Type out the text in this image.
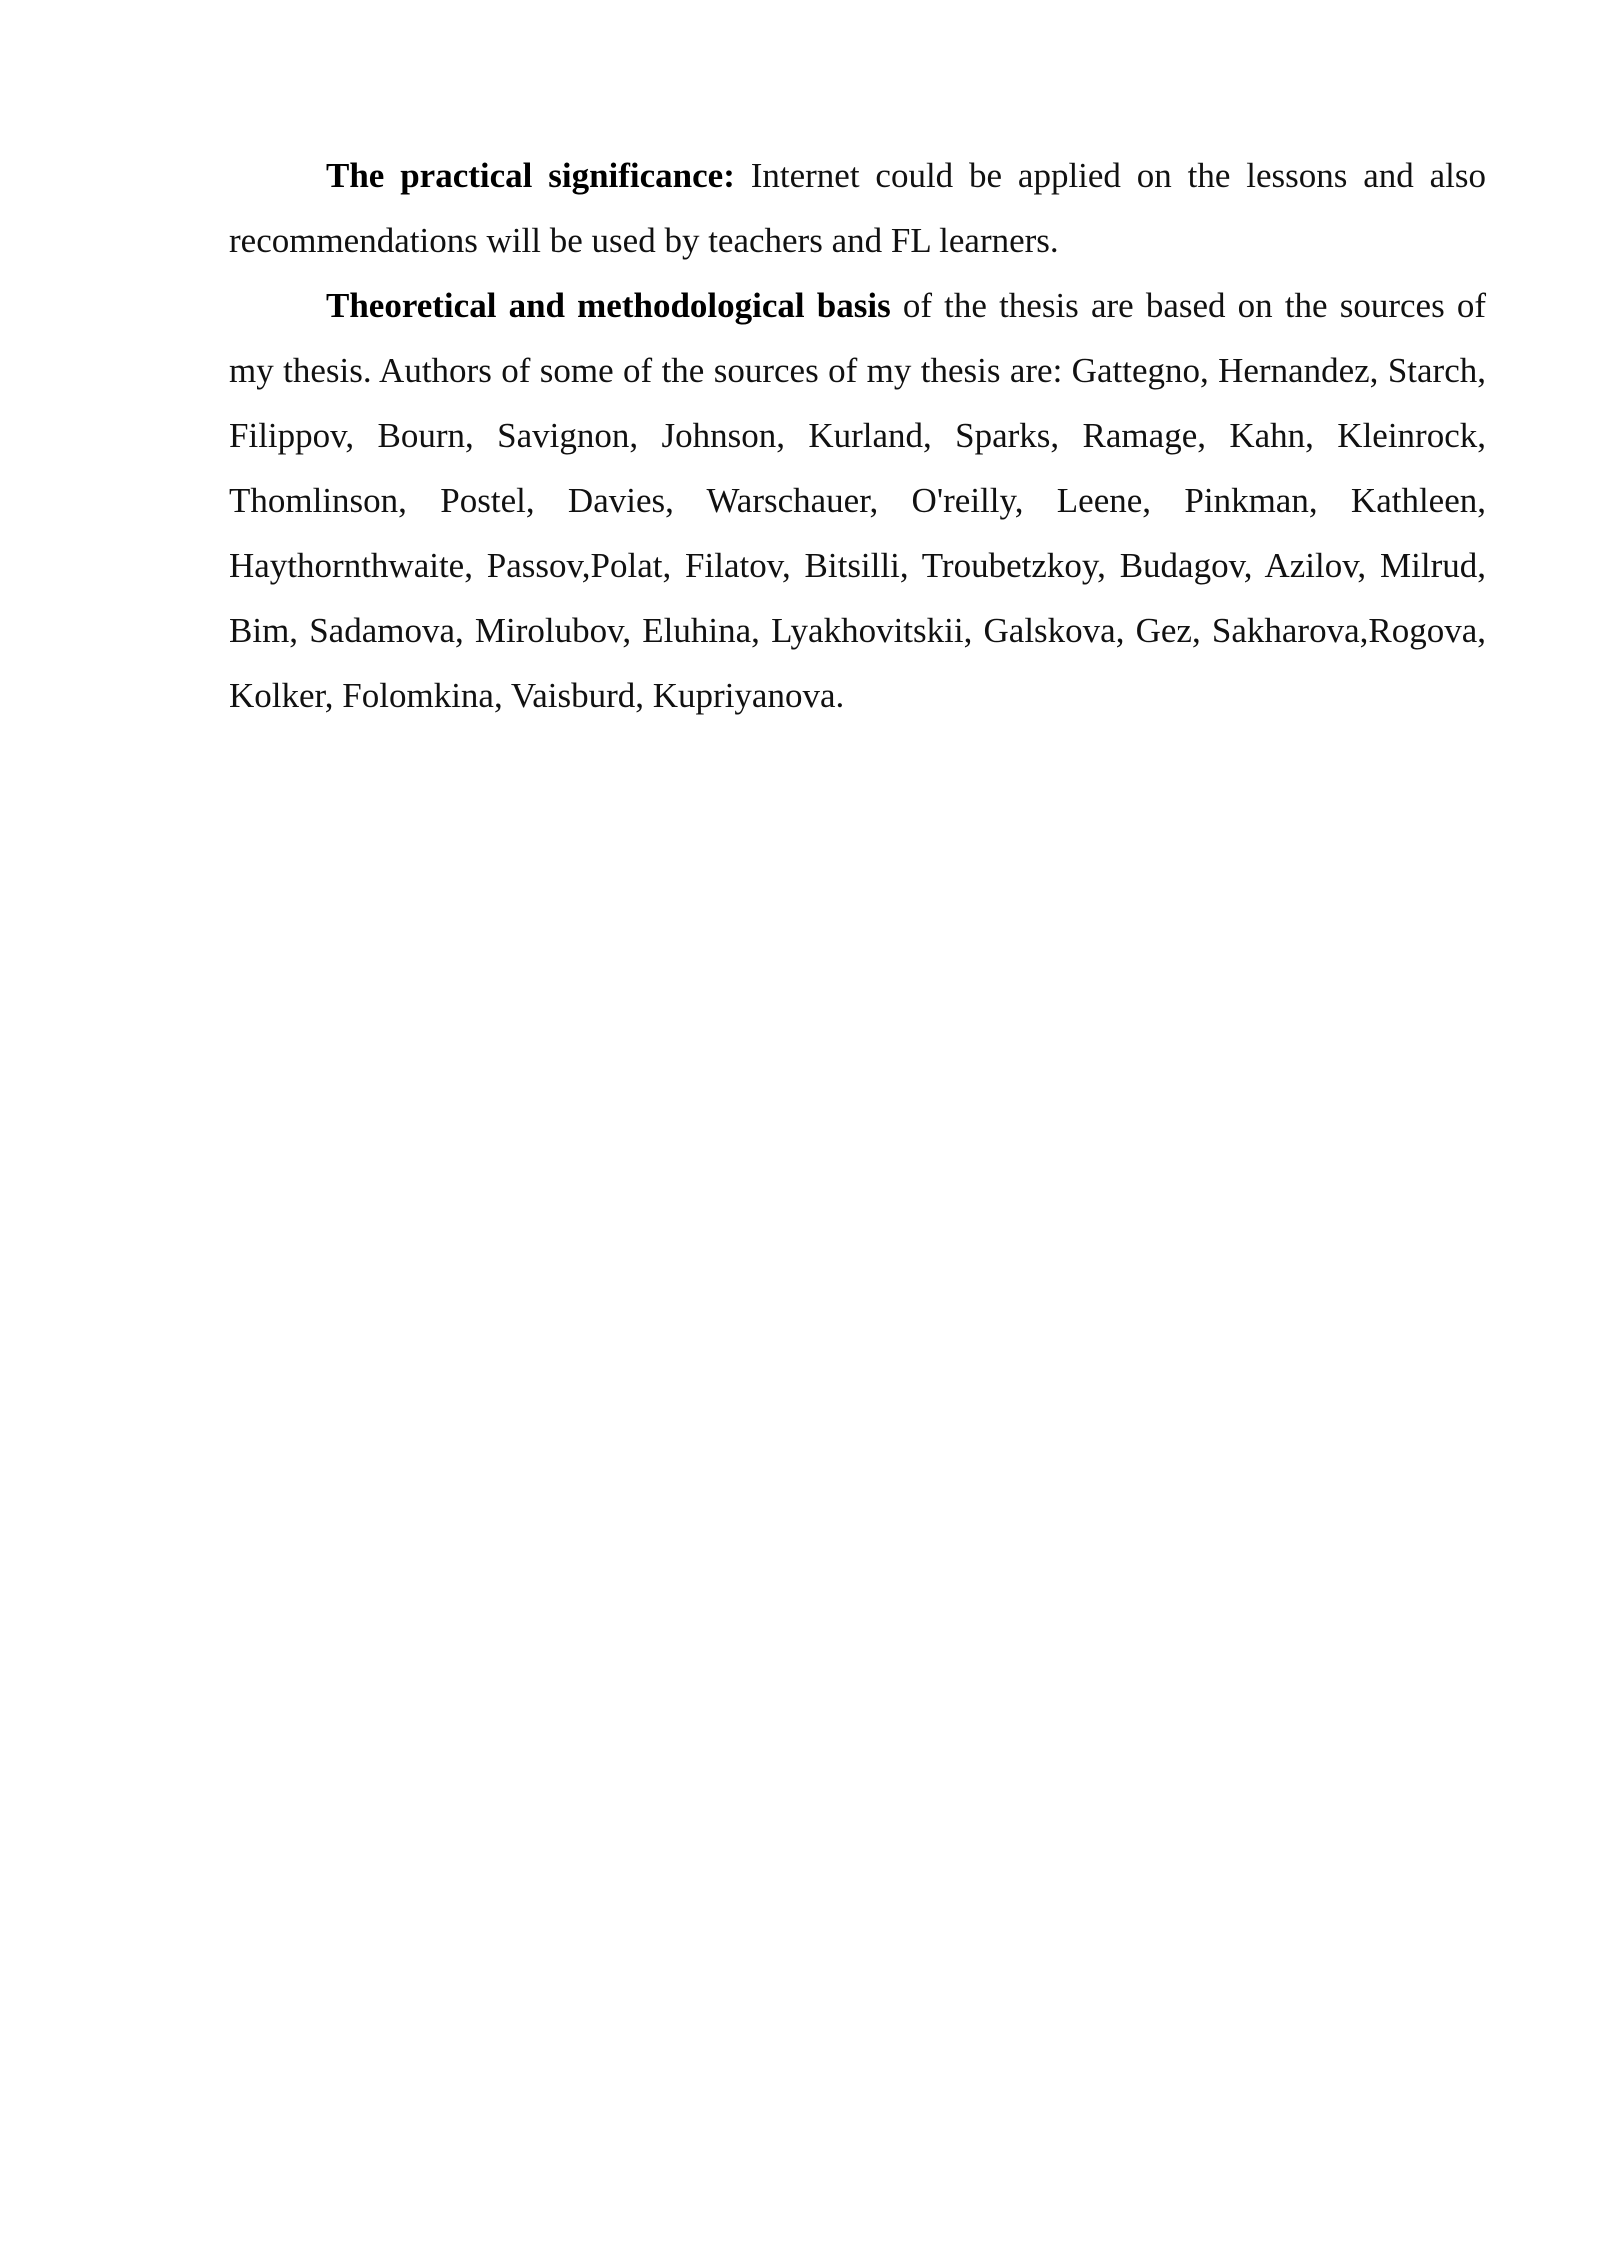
The practical significance: Internet could be applied on the lessons and also recommendations will be used by teachers and FL learners.

Theoretical and methodological basis of the thesis are based on the sources of my thesis. Authors of some of the sources of my thesis are: Gattegno, Hernandez, Starch, Filippov, Bourn, Savignon, Johnson, Kurland, Sparks, Ramage, Kahn, Kleinrock, Thomlinson, Postel, Davies, Warschauer, O'reilly, Leene, Pinkman, Kathleen, Haythornthwaite, Passov,Polat, Filatov, Bitsilli, Troubetzkoy, Budagov, Azilov, Milrud, Bim, Sadamova, Mirolubov, Eluhina, Lyakhovitskii, Galskova, Gez, Sakharova,Rogova, Kolker, Folomkina, Vaisburd, Kupriyanova.
